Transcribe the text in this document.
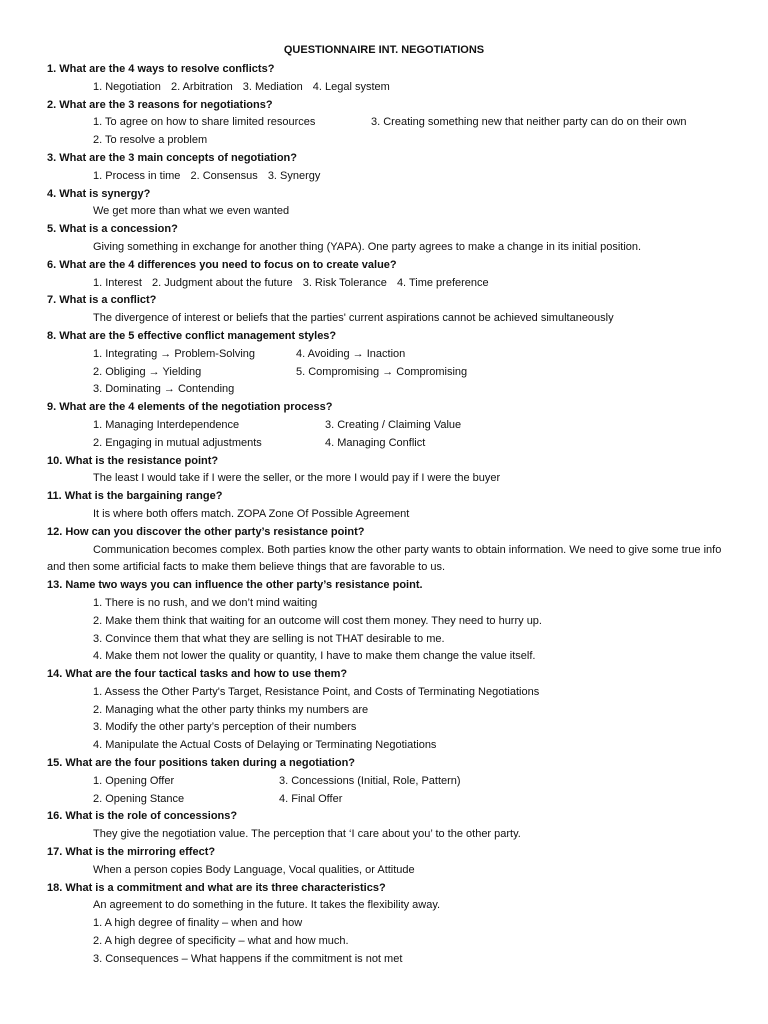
QUESTIONNAIRE INT. NEGOTIATIONS
1. What are the 4 ways to resolve conflicts?
1. Negotiation 2. Arbitration 3. Mediation 4. Legal system
2. What are the 3 reasons for negotiations?
1. To agree on how to share limited resources	3. Creating something new that neither party can do on their own
2. To resolve a problem
3. What are the 3 main concepts of negotiation?
1. Process in time 2. Consensus 3. Synergy
4. What is synergy?
We get more than what we even wanted
5. What is a concession?
Giving something in exchange for another thing (YAPA). One party agrees to make a change in its initial position.
6. What are the 4 differences you need to focus on to create value?
1. Interest 2. Judgment about the future 3. Risk Tolerance 4. Time preference
7. What is a conflict?
The divergence of interest or beliefs that the parties' current aspirations cannot be achieved simultaneously
8. What are the 5 effective conflict management styles?
1. Integrating → Problem-Solving	4. Avoiding → Inaction
2. Obliging → Yielding	5. Compromising → Compromising
3. Dominating → Contending
9. What are the 4 elements of the negotiation process?
1. Managing Interdependence	3. Creating / Claiming Value
2. Engaging in mutual adjustments	4. Managing Conflict
10. What is the resistance point?
The least I would take if I were the seller, or the more I would pay if I were the buyer
11. What is the bargaining range?
It is where both offers match. ZOPA Zone Of Possible Agreement
12. How can you discover the other party’s resistance point?
Communication becomes complex. Both parties know the other party wants to obtain information. We need to give some true info and then some artificial facts to make them believe things that are favorable to us.
13. Name two ways you can influence the other party’s resistance point.
1. There is no rush, and we don’t mind waiting
2. Make them think that waiting for an outcome will cost them money. They need to hurry up.
3. Convince them that what they are selling is not THAT desirable to me.
4. Make them not lower the quality or quantity, I have to make them change the value itself.
14. What are the four tactical tasks and how to use them?
1. Assess the Other Party's Target, Resistance Point, and Costs of Terminating Negotiations
2. Managing what the other party thinks my numbers are
3. Modify the other party’s perception of their numbers
4. Manipulate the Actual Costs of Delaying or Terminating Negotiations
15. What are the four positions taken during a negotiation?
1. Opening Offer	3. Concessions (Initial, Role, Pattern)
2. Opening Stance	4. Final Offer
16. What is the role of concessions?
They give the negotiation value. The perception that ‘I care about you’ to the other party.
17. What is the mirroring effect?
When a person copies Body Language, Vocal qualities, or Attitude
18. What is a commitment and what are its three characteristics?
An agreement to do something in the future. It takes the flexibility away.
1. A high degree of finality – when and how
2. A high degree of specificity – what and how much.
3. Consequences – What happens if the commitment is not met
